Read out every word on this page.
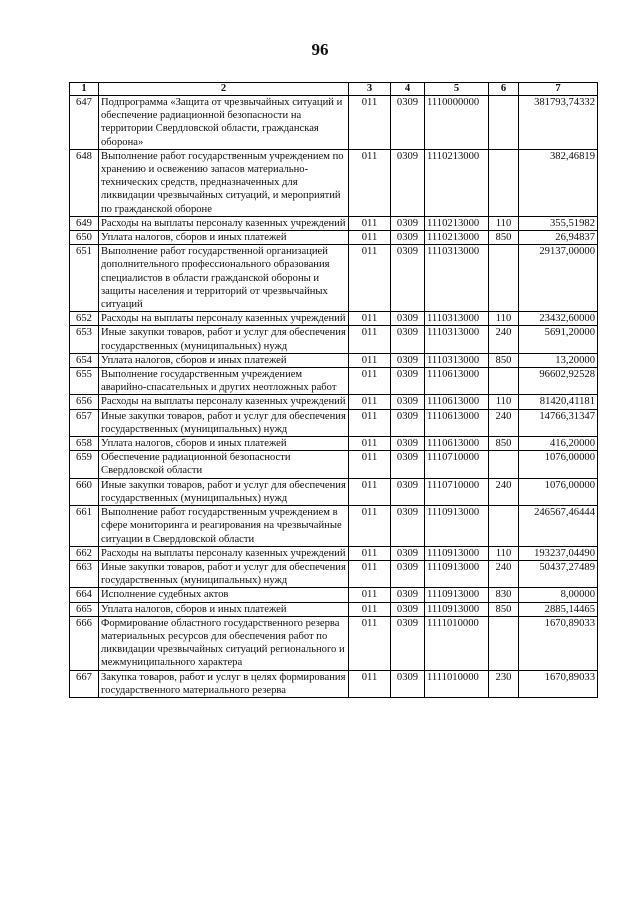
96
1	2	3	4	5	6	7
647	Подпрограмма «Защита от чрезвычайных ситуаций и обеспечение радиационной безопасности на территории Свердловской области, гражданская оборона»	011	0309	1110000000		381793,74332
648	Выполнение работ государственным учреждением по хранению и освежению запасов материально-технических средств, предназначенных для ликвидации чрезвычайных ситуаций, и мероприятий по гражданской обороне	011	0309	1110213000		382,46819
649	Расходы на выплаты персоналу казенных учреждений	011	0309	1110213000	110	355,51982
650	Уплата налогов, сборов и иных платежей	011	0309	1110213000	850	26,94837
651	Выполнение работ государственной организацией дополнительного профессионального образования специалистов в области гражданской обороны и защиты населения и территорий от чрезвычайных ситуаций	011	0309	1110313000		29137,00000
652	Расходы на выплаты персоналу казенных учреждений	011	0309	1110313000	110	23432,60000
653	Иные закупки товаров, работ и услуг для обеспечения государственных (муниципальных) нужд	011	0309	1110313000	240	5691,20000
654	Уплата налогов, сборов и иных платежей	011	0309	1110313000	850	13,20000
655	Выполнение государственным учреждением аварийно-спасательных и других неотложных работ	011	0309	1110613000		96602,92528
656	Расходы на выплаты персоналу казенных учреждений	011	0309	1110613000	110	81420,41181
657	Иные закупки товаров, работ и услуг для обеспечения государственных (муниципальных) нужд	011	0309	1110613000	240	14766,31347
658	Уплата налогов, сборов и иных платежей	011	0309	1110613000	850	416,20000
659	Обеспечение радиационной безопасности Свердловской области	011	0309	1110710000		1076,00000
660	Иные закупки товаров, работ и услуг для обеспечения государственных (муниципальных) нужд	011	0309	1110710000	240	1076,00000
661	Выполнение работ государственным учреждением в сфере мониторинга и реагирования на чрезвычайные ситуации в Свердловской области	011	0309	1110913000		246567,46444
662	Расходы на выплаты персоналу казенных учреждений	011	0309	1110913000	110	193237,04490
663	Иные закупки товаров, работ и услуг для обеспечения государственных (муниципальных) нужд	011	0309	1110913000	240	50437,27489
664	Исполнение судебных актов	011	0309	1110913000	830	8,00000
665	Уплата налогов, сборов и иных платежей	011	0309	1110913000	850	2885,14465
666	Формирование областного государственного резерва материальных ресурсов для обеспечения работ по ликвидации чрезвычайных ситуаций регионального и межмуниципального характера	011	0309	1111010000		1670,89033
667	Закупка товаров, работ и услуг в целях формирования государственного материального резерва	011	0309	1111010000	230	1670,89033
